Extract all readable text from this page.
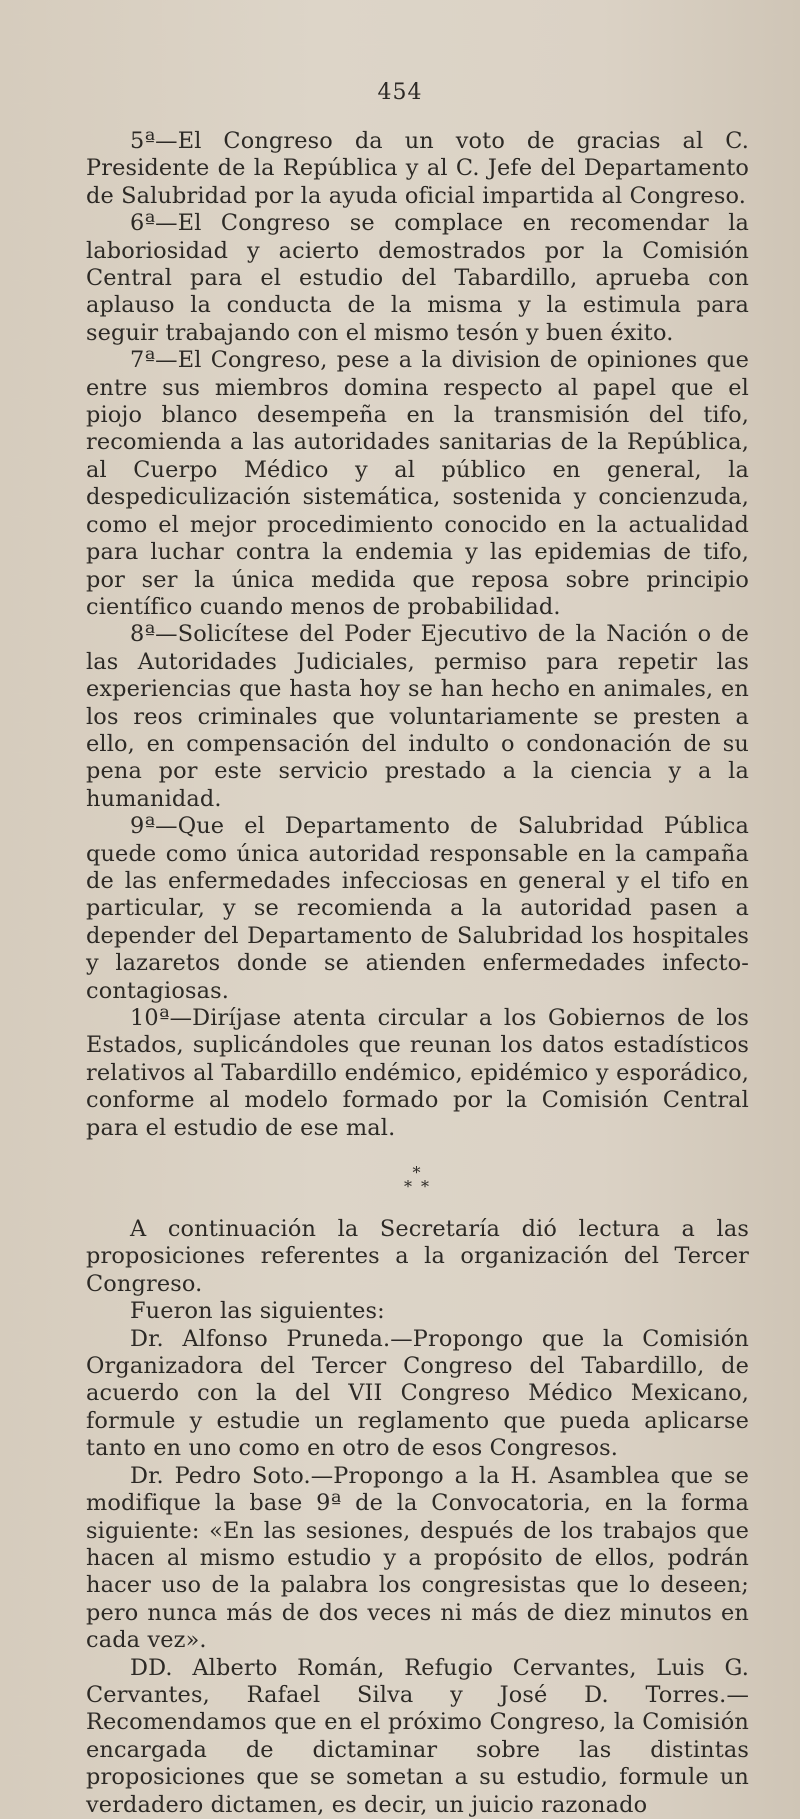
454

5ª—El Congreso da un voto de gracias al C. Presidente de la República y al C. Jefe del Departamento de Salubridad por la ayuda oficial impartida al Congreso.

6ª—El Congreso se complace en recomendar la laboriosidad y acierto demostrados por la Comisión Central para el estudio del Tabardillo, aprueba con aplauso la conducta de la misma y la estimula para seguir trabajando con el mismo tesón y buen éxito.

7ª—El Congreso, pese a la division de opiniones que entre sus miembros domina respecto al papel que el piojo blanco desempeña en la transmisión del tifo, recomienda a las autoridades sanitarias de la República, al Cuerpo Médico y al público en general, la despediculización sistemática, sostenida y concienzuda, como el mejor procedimiento conocido en la actualidad para luchar contra la endemia y las epidemias de tifo, por ser la única medida que reposa sobre principio científico cuando menos de probabilidad.

8ª—Solicítese del Poder Ejecutivo de la Nación o de las Autoridades Judiciales, permiso para repetir las experiencias que hasta hoy se han hecho en animales, en los reos criminales que voluntariamente se presten a ello, en compensación del indulto o condonación de su pena por este servicio prestado a la ciencia y a la humanidad.

9ª—Que el Departamento de Salubridad Pública quede como única autoridad responsable en la campaña de las enfermedades infecciosas en general y el tifo en particular, y se recomienda a la autoridad pasen a depender del Departamento de Salubridad los hospitales y lazaretos donde se atienden enfermedades infecto-contagiosas.

10ª—Diríjase atenta circular a los Gobiernos de los Estados, suplicándoles que reunan los datos estadísticos relativos al Tabardillo endémico, epidémico y esporádico, conforme al modelo formado por la Comisión Central para el estudio de ese mal.

*
* *

A continuación la Secretaría dió lectura a las proposiciones referentes a la organización del Tercer Congreso.

Fueron las siguientes:

Dr. Alfonso Pruneda.—Propongo que la Comisión Organizadora del Tercer Congreso del Tabardillo, de acuerdo con la del VII Congreso Médico Mexicano, formule y estudie un reglamento que pueda aplicarse tanto en uno como en otro de esos Congresos.

Dr. Pedro Soto.—Propongo a la H. Asamblea que se modifique la base 9ª de la Convocatoria, en la forma siguiente: «En las sesiones, después de los trabajos que hacen al mismo estudio y a propósito de ellos, podrán hacer uso de la palabra los congresistas que lo deseen; pero nunca más de dos veces ni más de diez minutos en cada vez».

DD. Alberto Román, Refugio Cervantes, Luis G. Cervantes, Rafael Silva y José D. Torres.—Recomendamos que en el próximo Congreso, la Comisión encargada de dictaminar sobre las distintas proposiciones que se sometan a su estudio, formule un verdadero dictamen, es decir, un juicio razonado
